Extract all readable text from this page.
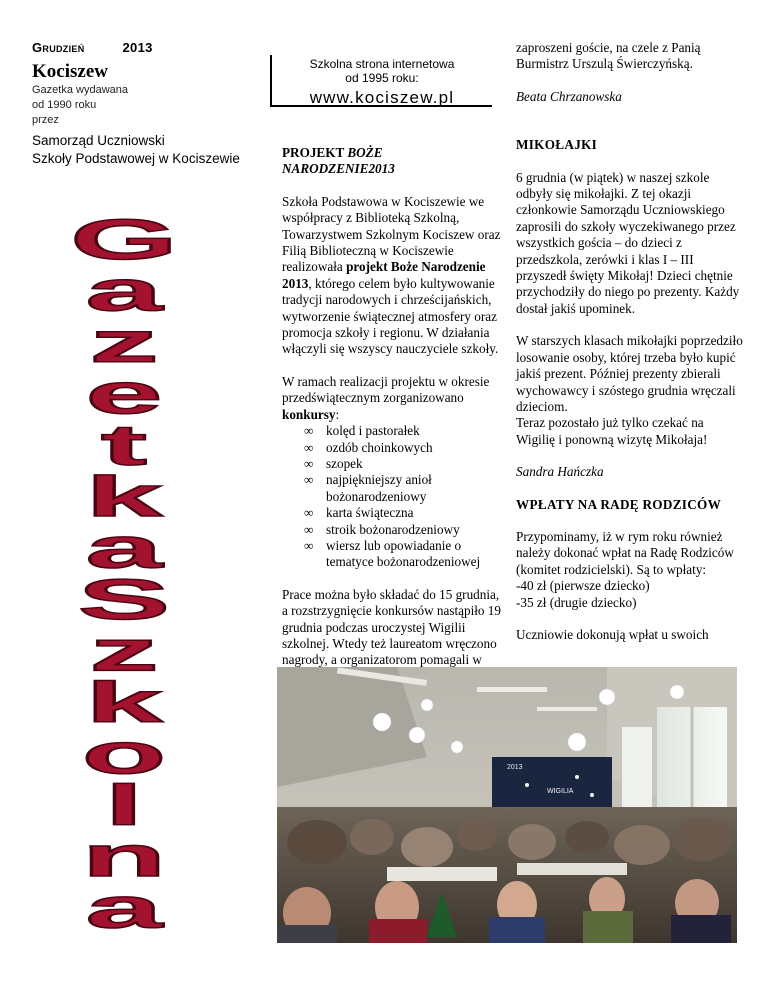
Grudzień	2013
Kociszew
Gazetka wydawana
od 1990 roku
przez
Samorząd Uczniowski
Szkoły Podstawowej w Kociszewie
G
a
z
e
t
k
a
S
z
k
o
l
n
a
Szkolna strona internetowa
od 1995 roku:
www.kociszew.pl
PROJEKT BOŻE
NARODZENIE2013

Szkoła Podstawowa w Kociszewie we współpracy z Biblioteką Szkolną, Towarzystwem Szkolnym Kociszew oraz Filią Biblioteczną w Kociszewie realizowała projekt Boże Narodzenie 2013, którego celem było kultywowanie tradycji narodowych i chrześcijańskich, wytworzenie świątecznej atmosfery oraz promocja szkoły i regionu. W działania włączyli się wszyscy nauczyciele szkoły.

W ramach realizacji projektu w okresie przedświątecznym zorganizowano konkursy:

∞ kolęd i pastorałek
∞ ozdób choinkowych
∞ szopek
∞ najpiękniejszy anioł bożonarodzeniowy
∞ karta świąteczna
∞ stroik bożonarodzeniowy
∞ wiersz lub opowiadanie o tematyce bożonarodzeniowej

Prace można było składać do 15 grudnia, a rozstrzygnięcie konkursów nastąpiło 19 grudnia podczas uroczystej Wigilii szkolnej. Wtedy też laureatom wręczono nagrody, a organizatorom pomagali w

zaproszeni goście, na czele z Panią Burmistrz Urszulą Świerczyńską.

Beata Chrzanowska

MIKOŁAJKI

6 grudnia (w piątek) w naszej szkole odbyły się mikołajki. Z tej okazji członkowie Samorządu Uczniowskiego zaprosili do szkoły wyczekiwanego przez wszystkich gościa – do dzieci z przedszkola, zerówki i klas I – III przyszedł święty Mikołaj! Dzieci chętnie przychodziły do niego po prezenty. Każdy dostał jakiś upominek.

W starszych klasach mikołajki poprzedziło losowanie osoby, której trzeba było kupić jakiś prezent. Później prezenty zbierali wychowawcy i szóstego grudnia wręczali dzieciom.

Teraz pozostało już tylko czekać na Wigilię i ponowną wizytę Mikołaja!

Sandra Hańczka

WPŁATY NA RADĘ RODZICÓW

Przypominamy, iż w rym roku również należy dokonać wpłat na Radę Rodziców (komitet rodzicielski). Są to wpłaty:

-40 zł (pierwsze dziecko)

-35 zł (drugie dziecko)

Uczniowie dokonują wpłat u swoich

2013
WIGILIA
